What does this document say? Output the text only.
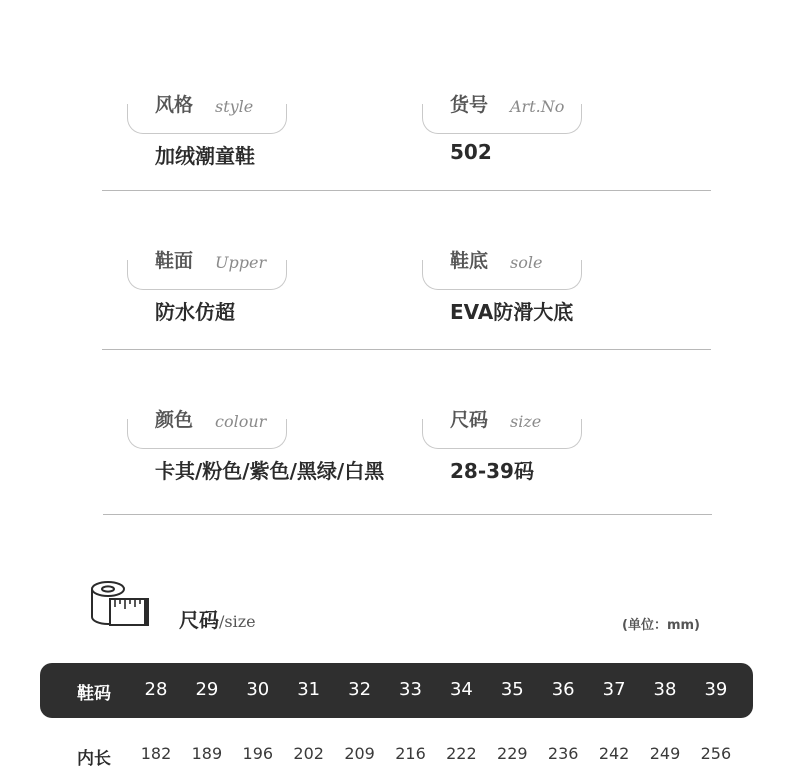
风格 style
加绒潮童鞋
货号 Art.No
502
鞋面 Upper
防水仿超
鞋底 sole
EVA防滑大底
颜色 colour
卡其/粉色/紫色/黑绿/白黑
尺码 size
28-39码
尺码/size	(单位：mm)
鞋码 28 29 30 31 32 33 34 35 36 37 38 39
内长 182 189 196 202 209 216 222 229 236 242 249 256
